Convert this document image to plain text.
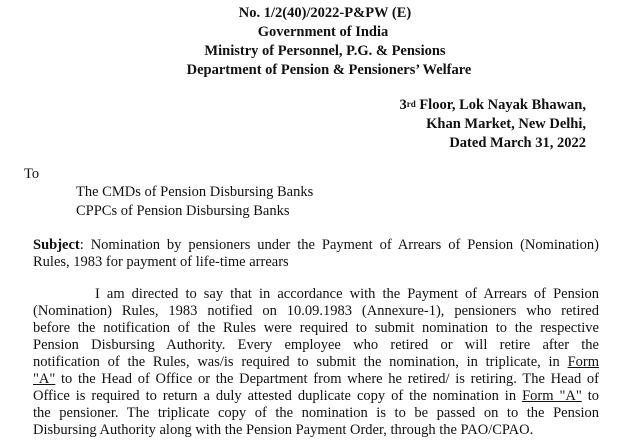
No. 1/2(40)/2022-P&PW (E)
Government of India
Ministry of Personnel, P.G. & Pensions
Department of Pension & Pensioners’ Welfare
3rd Floor, Lok Nayak Bhawan,
Khan Market, New Delhi,
Dated March 31, 2022
To
The CMDs of Pension Disbursing Banks
CPPCs of Pension Disbursing Banks
Subject: Nomination by pensioners under the Payment of Arrears of Pension (Nomination)
Rules, 1983 for payment of life-time arrears
I am directed to say that in accordance with the Payment of Arrears of Pension
(Nomination) Rules, 1983 notified on 10.09.1983 (Annexure-1), pensioners who retired
before the notification of the Rules were required to submit nomination to the respective
Pension Disbursing Authority. Every employee who retired or will retire after the
notification of the Rules, was/is required to submit the nomination, in triplicate, in Form
"A" to the Head of Office or the Department from where he retired/ is retiring. The Head of
Office is required to return a duly attested duplicate copy of the nomination in Form "A" to
the pensioner. The triplicate copy of the nomination is to be passed on to the Pension
Disbursing Authority along with the Pension Payment Order, through the PAO/CPAO.
